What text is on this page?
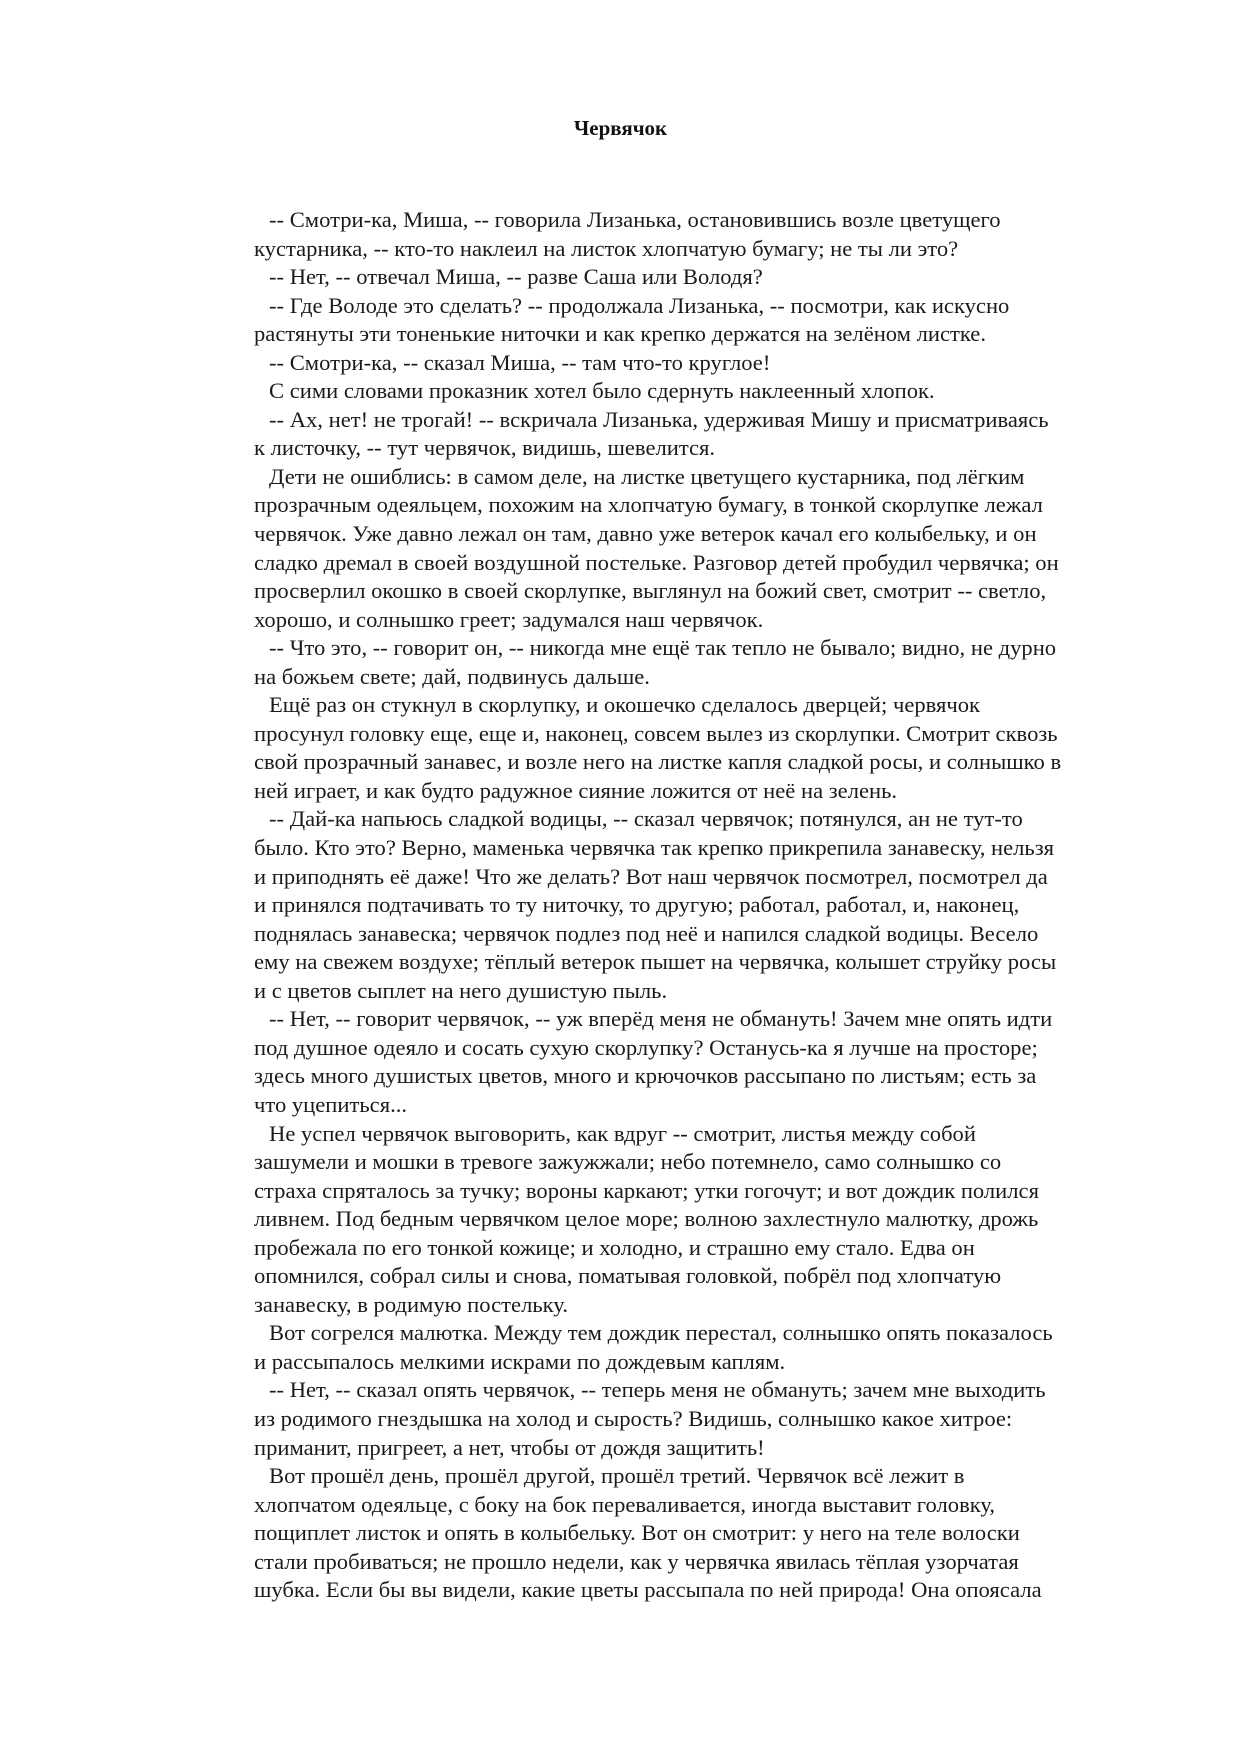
Червячок
-- Смотри-ка, Миша, -- говорила Лизанька, остановившись возле цветущего
кустарника, -- кто-то наклеил на листок хлопчатую бумагу; не ты ли это?
-- Нет, -- отвечал Миша, -- разве Саша или Володя?
-- Где Володе это сделать? -- продолжала Лизанька, -- посмотри, как искусно
растянуты эти тоненькие ниточки и как крепко держатся на зелёном листке.
-- Смотри-ка, -- сказал Миша, -- там что-то круглое!
С сими словами проказник хотел было сдернуть наклеенный хлопок.
-- Ах, нет! не трогай! -- вскричала Лизанька, удерживая Мишу и присматриваясь
к листочку, -- тут червячок, видишь, шевелится.
Дети не ошиблись: в самом деле, на листке цветущего кустарника, под лёгким
прозрачным одеяльцем, похожим на хлопчатую бумагу, в тонкой скорлупке лежал
червячок. Уже давно лежал он там, давно уже ветерок качал его колыбельку, и он
сладко дремал в своей воздушной постельке. Разговор детей пробудил червячка; он
просверлил окошко в своей скорлупке, выглянул на божий свет, смотрит -- светло,
хорошо, и солнышко греет; задумался наш червячок.
-- Что это, -- говорит он, -- никогда мне ещё так тепло не бывало; видно, не дурно
на божьем свете; дай, подвинусь дальше.
Ещё раз он стукнул в скорлупку, и окошечко сделалось дверцей; червячок
просунул головку еще, еще и, наконец, совсем вылез из скорлупки. Смотрит сквозь
свой прозрачный занавес, и возле него на листке капля сладкой росы, и солнышко в
ней играет, и как будто радужное сияние ложится от неё на зелень.
-- Дай-ка напьюсь сладкой водицы, -- сказал червячок; потянулся, ан не тут-то
было. Кто это? Верно, маменька червячка так крепко прикрепила занавеску, нельзя
и приподнять её даже! Что же делать? Вот наш червячок посмотрел, посмотрел да
и принялся подтачивать то ту ниточку, то другую; работал, работал, и, наконец,
поднялась занавеска; червячок подлез под неё и напился сладкой водицы. Весело
ему на свежем воздухе; тёплый ветерок пышет на червячка, колышет струйку росы
и с цветов сыплет на него душистую пыль.
-- Нет, -- говорит червячок, -- уж вперёд меня не обмануть! Зачем мне опять идти
под душное одеяло и сосать сухую скорлупку? Останусь-ка я лучше на просторе;
здесь много душистых цветов, много и крючочков рассыпано по листьям; есть за
что уцепиться...
Не успел червячок выговорить, как вдруг -- смотрит, листья между собой
зашумели и мошки в тревоге зажужжали; небо потемнело, само солнышко со
страха спряталось за тучку; вороны каркают; утки гогочут; и вот дождик полился
ливнем. Под бедным червячком целое море; волною захлестнуло малютку, дрожь
пробежала по его тонкой кожице; и холодно, и страшно ему стало. Едва он
опомнился, собрал силы и снова, поматывая головкой, побрёл под хлопчатую
занавеску, в родимую постельку.
Вот согрелся малютка. Между тем дождик перестал, солнышко опять показалось
и рассыпалось мелкими искрами по дождевым каплям.
-- Нет, -- сказал опять червячок, -- теперь меня не обмануть; зачем мне выходить
из родимого гнездышка на холод и сырость? Видишь, солнышко какое хитрое:
приманит, пригреет, а нет, чтобы от дождя защитить!
Вот прошёл день, прошёл другой, прошёл третий. Червячок всё лежит в
хлопчатом одеяльце, с боку на бок переваливается, иногда выставит головку,
пощиплет листок и опять в колыбельку. Вот он смотрит: у него на теле волоски
стали пробиваться; не прошло недели, как у червячка явилась тёплая узорчатая
шубка. Если бы вы видели, какие цветы рассыпала по ней природа! Она опоясала
